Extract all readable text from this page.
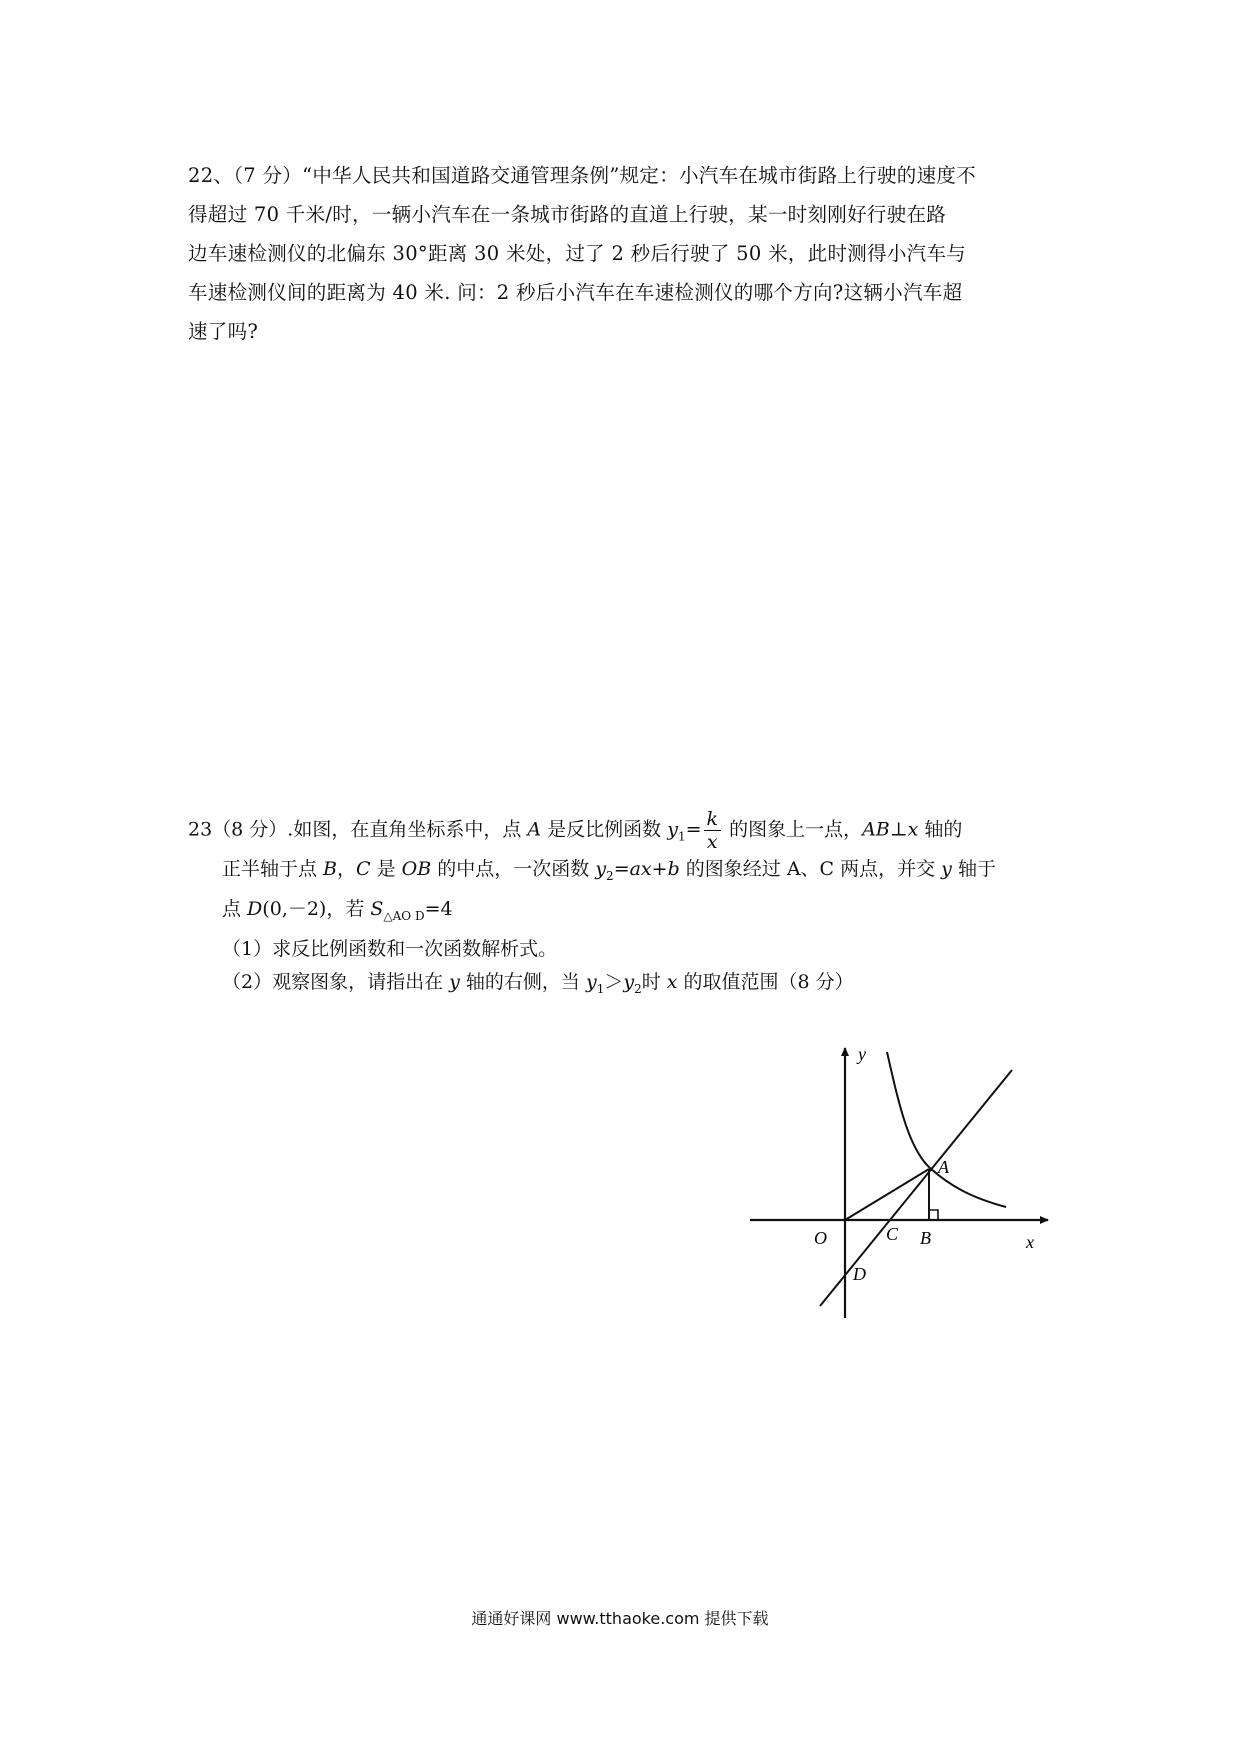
22、（7 分）“中华人民共和国道路交通管理条例”规定：小汽车在城市街路上行驶的速度不

得超过 70 千米/时，一辆小汽车在一条城市街路的直道上行驶，某一时刻刚好行驶在路

边车速检测仪的北偏东 30°距离 30 米处，过了 2 秒后行驶了 50 米，此时测得小汽车与

车速检测仪间的距离为 40 米. 问：2 秒后小汽车在车速检测仪的哪个方向?这辆小汽车超

速了吗?

23（8 分）.如图，在直角坐标系中，点 A 是反比例函数 $y_1= \frac{k}{x}$ 的图象上一点，AB⊥x 轴的

正半轴于点 B，C 是 OB 的中点，一次函数 $y_2=ax+b$ 的图象经过 A、C 两点，并交 y 轴于

点 D(0,－2)，若 $S_{\triangle AO D}=4$

（1）求反比例函数和一次函数解析式。

（2）观察图象，请指出在 y 轴的右侧，当 $y_1>y_2$时 x 的取值范围（8 分）

y
x
O
A
B
C
D
通通好课网 www.tthaoke.com 提供下载
